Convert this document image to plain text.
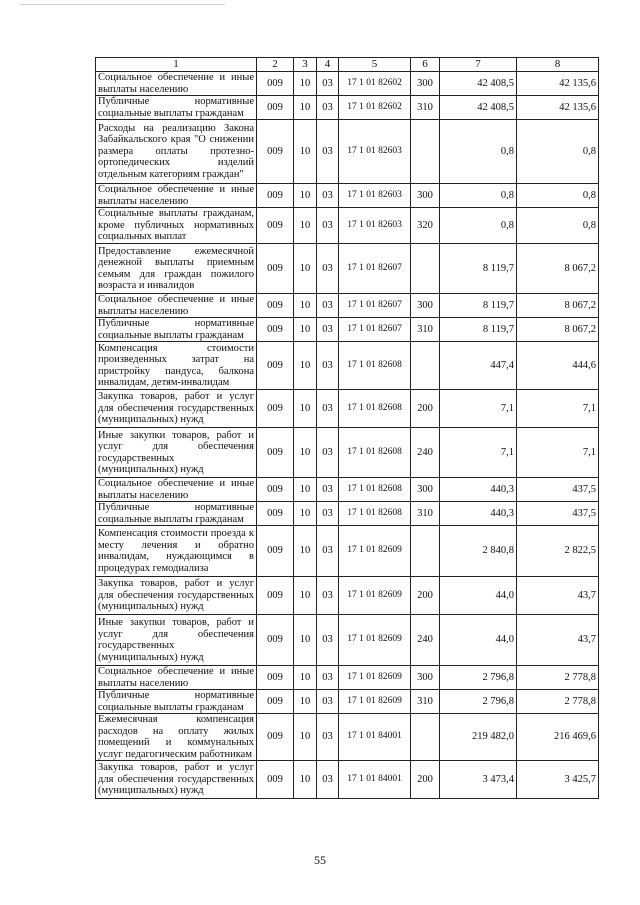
1	2	3	4	5	6	7	8
Социальное обеспечение и иные выплаты населению	009	10	03	17 1 01 82602	300	42 408,5	42 135,6
Публичные нормативные социальные выплаты гражданам	009	10	03	17 1 01 82602	310	42 408,5	42 135,6
Расходы на реализацию Закона Забайкальского края "О снижении размера оплаты протезно-ортопедических изделий отдельным категориям граждан"	009	10	03	17 1 01 82603		0,8	0,8
Социальное обеспечение и иные выплаты населению	009	10	03	17 1 01 82603	300	0,8	0,8
Социальные выплаты гражданам, кроме публичных нормативных социальных выплат	009	10	03	17 1 01 82603	320	0,8	0,8
Предоставление ежемесячной денежной выплаты приемным семьям для граждан пожилого возраста и инвалидов	009	10	03	17 1 01 82607		8 119,7	8 067,2
Социальное обеспечение и иные выплаты населению	009	10	03	17 1 01 82607	300	8 119,7	8 067,2
Публичные нормативные социальные выплаты гражданам	009	10	03	17 1 01 82607	310	8 119,7	8 067,2
Компенсация стоимости произведенных затрат на пристройку пандуса, балкона инвалидам, детям-инвалидам	009	10	03	17 1 01 82608		447,4	444,6
Закупка товаров, работ и услуг для обеспечения государственных (муниципальных) нужд	009	10	03	17 1 01 82608	200	7,1	7,1
Иные закупки товаров, работ и услуг для обеспечения государственных (муниципальных) нужд	009	10	03	17 1 01 82608	240	7,1	7,1
Социальное обеспечение и иные выплаты населению	009	10	03	17 1 01 82608	300	440,3	437,5
Публичные нормативные социальные выплаты гражданам	009	10	03	17 1 01 82608	310	440,3	437,5
Компенсация стоимости проезда к месту лечения и обратно инвалидам, нуждающимся в процедурах гемодиализа	009	10	03	17 1 01 82609		2 840,8	2 822,5
Закупка товаров, работ и услуг для обеспечения государственных (муниципальных) нужд	009	10	03	17 1 01 82609	200	44,0	43,7
Иные закупки товаров, работ и услуг для обеспечения государственных (муниципальных) нужд	009	10	03	17 1 01 82609	240	44,0	43,7
Социальное обеспечение и иные выплаты населению	009	10	03	17 1 01 82609	300	2 796,8	2 778,8
Публичные нормативные социальные выплаты гражданам	009	10	03	17 1 01 82609	310	2 796,8	2 778,8
Ежемесячная компенсация расходов на оплату жилых помещений и коммунальных услуг педагогическим работникам	009	10	03	17 1 01 84001		219 482,0	216 469,6
Закупка товаров, работ и услуг для обеспечения государственных (муниципальных) нужд	009	10	03	17 1 01 84001	200	3 473,4	3 425,7
55
